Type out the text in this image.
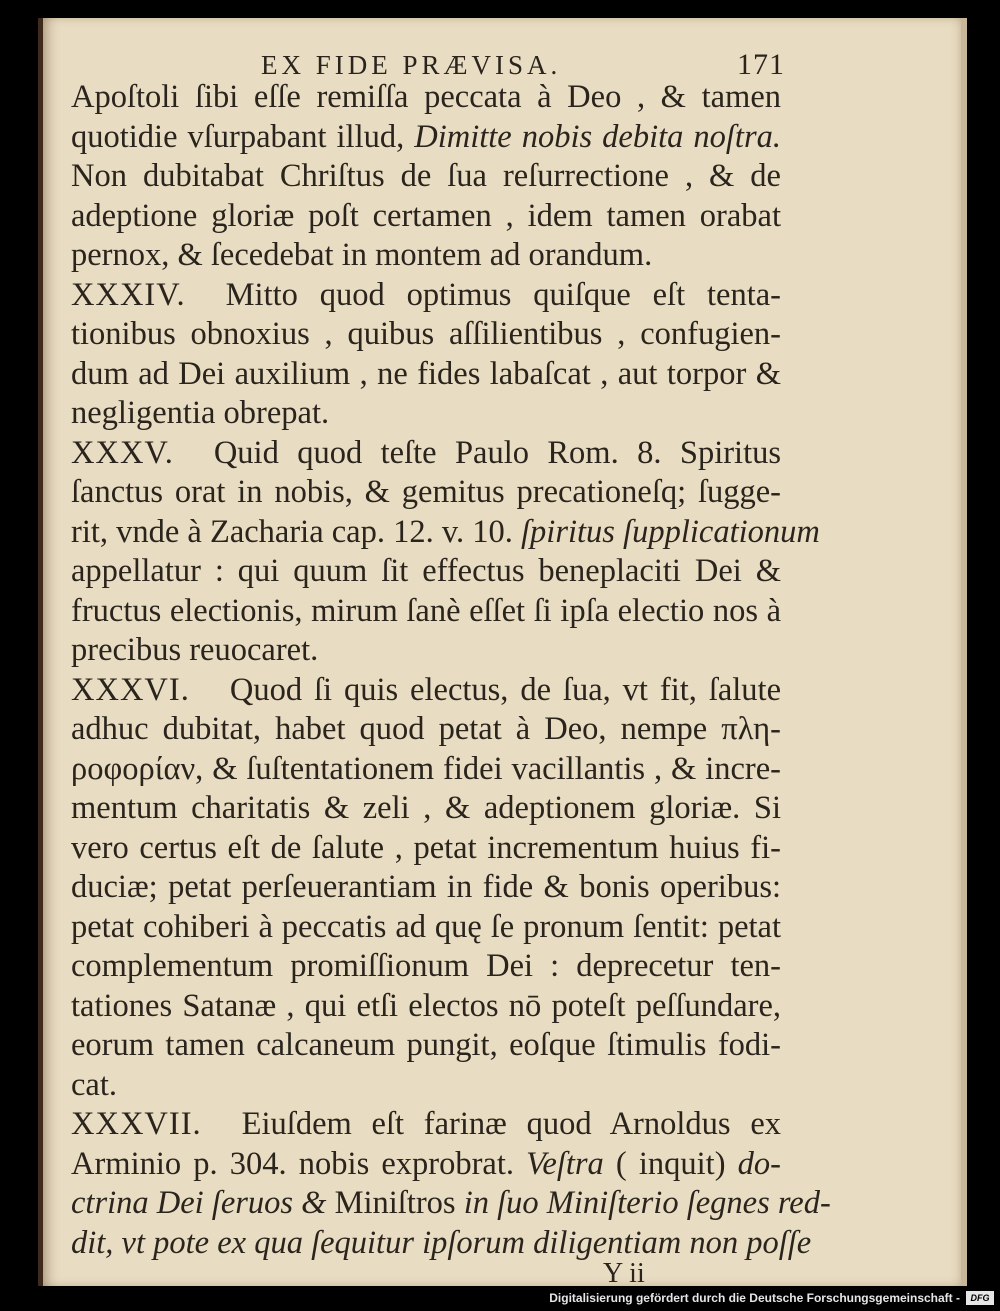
EX FIDE PRÆVISA.	171
Apoſtoli ſibi eſſe remiſſa peccata à Deo , & tamen
quotidie vſurpabant illud, Dimitte nobis debita noſtra.
Non dubitabat Chriſtus de ſua reſurrectione , & de
adeptione gloriæ poſt certamen , idem tamen orabat
pernox, & ſecedebat in montem ad orandum.
XXXIV. Mitto quod optimus quiſque eſt tenta-
tionibus obnoxius , quibus aſſilientibus , confugien-
dum ad Dei auxilium , ne fides labaſcat , aut torpor &
negligentia obrepat.
XXXV. Quid quod teſte Paulo Rom. 8. Spiritus
ſanctus orat in nobis, & gemitus precationeſq; ſugge-
rit, vnde à Zacharia cap. 12. v. 10. ſpiritus ſupplicationum
appellatur : qui quum ſit effectus beneplaciti Dei &
fructus electionis, mirum ſanè eſſet ſi ipſa electio nos à
precibus reuocaret.
XXXVI. Quod ſi quis electus, de ſua, vt fit, ſalute
adhuc dubitat, habet quod petat à Deo, nempe πλη-
ροφορίαν, & ſuſtentationem fidei vacillantis , & incre-
mentum charitatis & zeli , & adeptionem gloriæ. Si
vero certus eſt de ſalute , petat incrementum huius fi-
duciæ; petat perſeuerantiam in fide & bonis operibus:
petat cohiberi à peccatis ad quę ſe pronum ſentit: petat
complementum promiſſionum Dei : deprecetur ten-
tationes Satanæ , qui etſi electos nō poteſt peſſundare,
eorum tamen calcaneum pungit, eoſque ſtimulis fodi-
cat.
XXXVII. Eiuſdem eſt farinæ quod Arnoldus ex
Arminio p. 304. nobis exprobrat. Veſtra ( inquit) do-
ctrina Dei ſeruos & Miniſtros in ſuo Miniſterio ſegnes red-
dit, vt pote ex qua ſequitur ipſorum diligentiam non poſſe
Y ii
Digitalisierung gefördert durch die Deutsche Forschungsgemeinschaft -	DFG
